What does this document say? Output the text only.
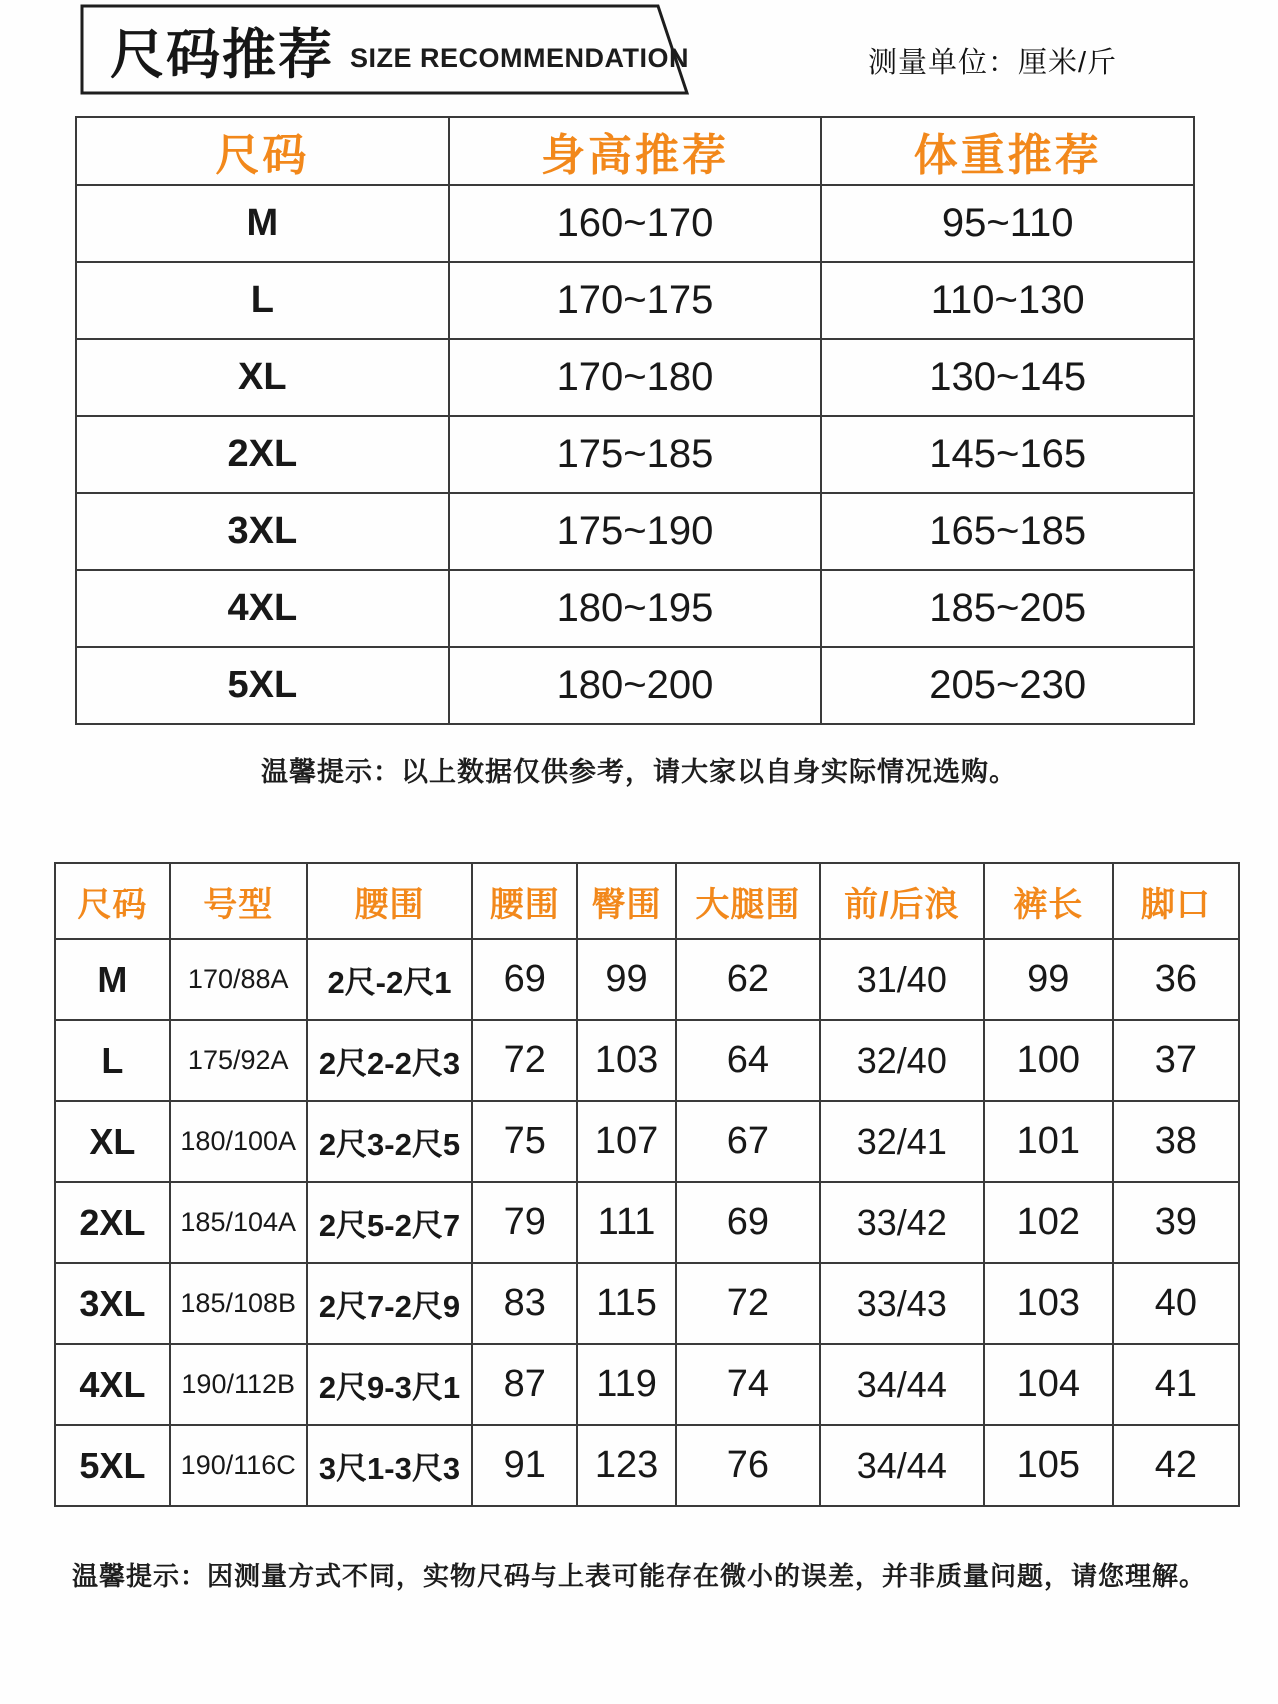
尺码推荐 SIZE RECOMMENDATION	测量单位：厘米/斤
尺码	身高推荐	体重推荐
M	160~170	95~110
L	170~175	110~130
XL	170~180	130~145
2XL	175~185	145~165
3XL	175~190	165~185
4XL	180~195	185~205
5XL	180~200	205~230
温馨提示：以上数据仅供参考，请大家以自身实际情况选购。
尺码	号型	腰围	腰围	臀围	大腿围	前/后浪	裤长	脚口
M	170/88A	2尺-2尺1	69	99	62	31/40	99	36
L	175/92A	2尺2-2尺3	72	103	64	32/40	100	37
XL	180/100A	2尺3-2尺5	75	107	67	32/41	101	38
2XL	185/104A	2尺5-2尺7	79	111	69	33/42	102	39
3XL	185/108B	2尺7-2尺9	83	115	72	33/43	103	40
4XL	190/112B	2尺9-3尺1	87	119	74	34/44	104	41
5XL	190/116C	3尺1-3尺3	91	123	76	34/44	105	42
温馨提示：因测量方式不同，实物尺码与上表可能存在微小的误差，并非质量问题，请您理解。
